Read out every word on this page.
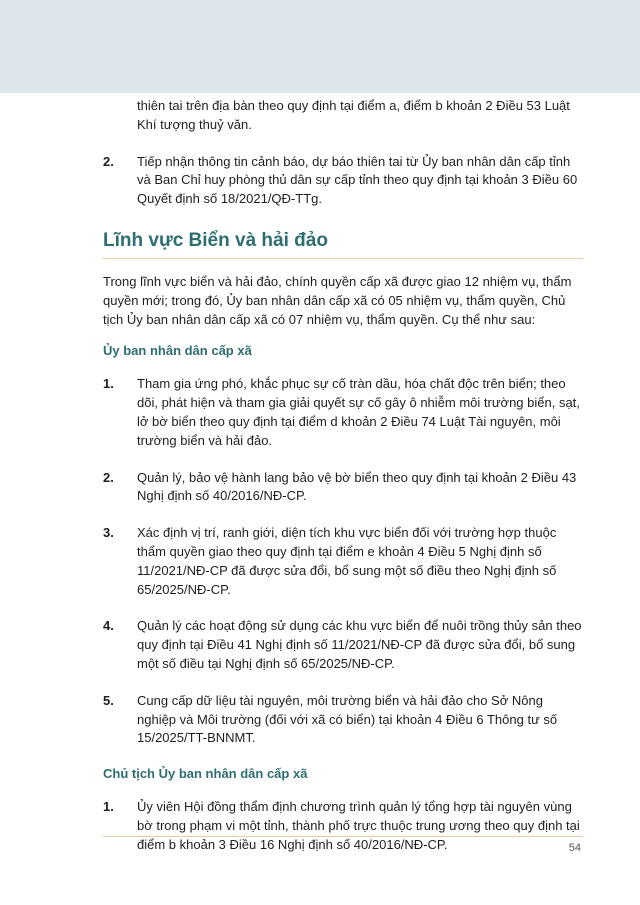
thiên tai trên địa bàn theo quy định tại điểm a, điểm b khoản 2 Điều 53 Luật Khí tượng thuỷ văn.
2. Tiếp nhận thông tin cảnh báo, dự báo thiên tai từ Ủy ban nhân dân cấp tỉnh và Ban Chỉ huy phòng thủ dân sự cấp tỉnh theo quy định tại khoản 3 Điều 60 Quyết định số 18/2021/QĐ-TTg.
Lĩnh vực Biển và hải đảo

Trong lĩnh vực biển và hải đảo, chính quyền cấp xã được giao 12 nhiệm vụ, thẩm quyền mới; trong đó, Ủy ban nhân dân cấp xã có 05 nhiệm vụ, thẩm quyền, Chủ tịch Ủy ban nhân dân cấp xã có 07 nhiệm vụ, thẩm quyền. Cụ thể như sau:

Ủy ban nhân dân cấp xã
1. Tham gia ứng phó, khắc phục sự cố tràn dầu, hóa chất độc trên biển; theo dõi, phát hiện và tham gia giải quyết sự cố gây ô nhiễm môi trường biển, sạt, lở bờ biển theo quy định tại điểm d khoản 2 Điều 74 Luật Tài nguyên, môi trường biển và hải đảo.
2. Quản lý, bảo vệ hành lang bảo vệ bờ biển theo quy định tại khoản 2 Điều 43 Nghị định số 40/2016/NĐ-CP.
3. Xác định vị trí, ranh giới, diện tích khu vực biển đối với trường hợp thuộc thẩm quyền giao theo quy định tại điểm e khoản 4 Điều 5 Nghị định số 11/2021/NĐ-CP đã được sửa đổi, bổ sung một số điều theo Nghị định số 65/2025/NĐ-CP.
4. Quản lý các hoạt động sử dụng các khu vực biển để nuôi trồng thủy sản theo quy định tại Điều 41 Nghị định số 11/2021/NĐ-CP đã được sửa đổi, bổ sung một số điều tại Nghị định số 65/2025/NĐ-CP.
5. Cung cấp dữ liệu tài nguyên, môi trường biển và hải đảo cho Sở Nông nghiệp và Môi trường (đối với xã có biển) tại khoản 4 Điều 6 Thông tư số 15/2025/TT-BNNMT.
Chủ tịch Ủy ban nhân dân cấp xã
1. Ủy viên Hội đồng thẩm định chương trình quản lý tổng hợp tài nguyên vùng bờ trong phạm vi một tỉnh, thành phố trực thuộc trung ương theo quy định tại điểm b khoản 3 Điều 16 Nghị định số 40/2016/NĐ-CP.	54
